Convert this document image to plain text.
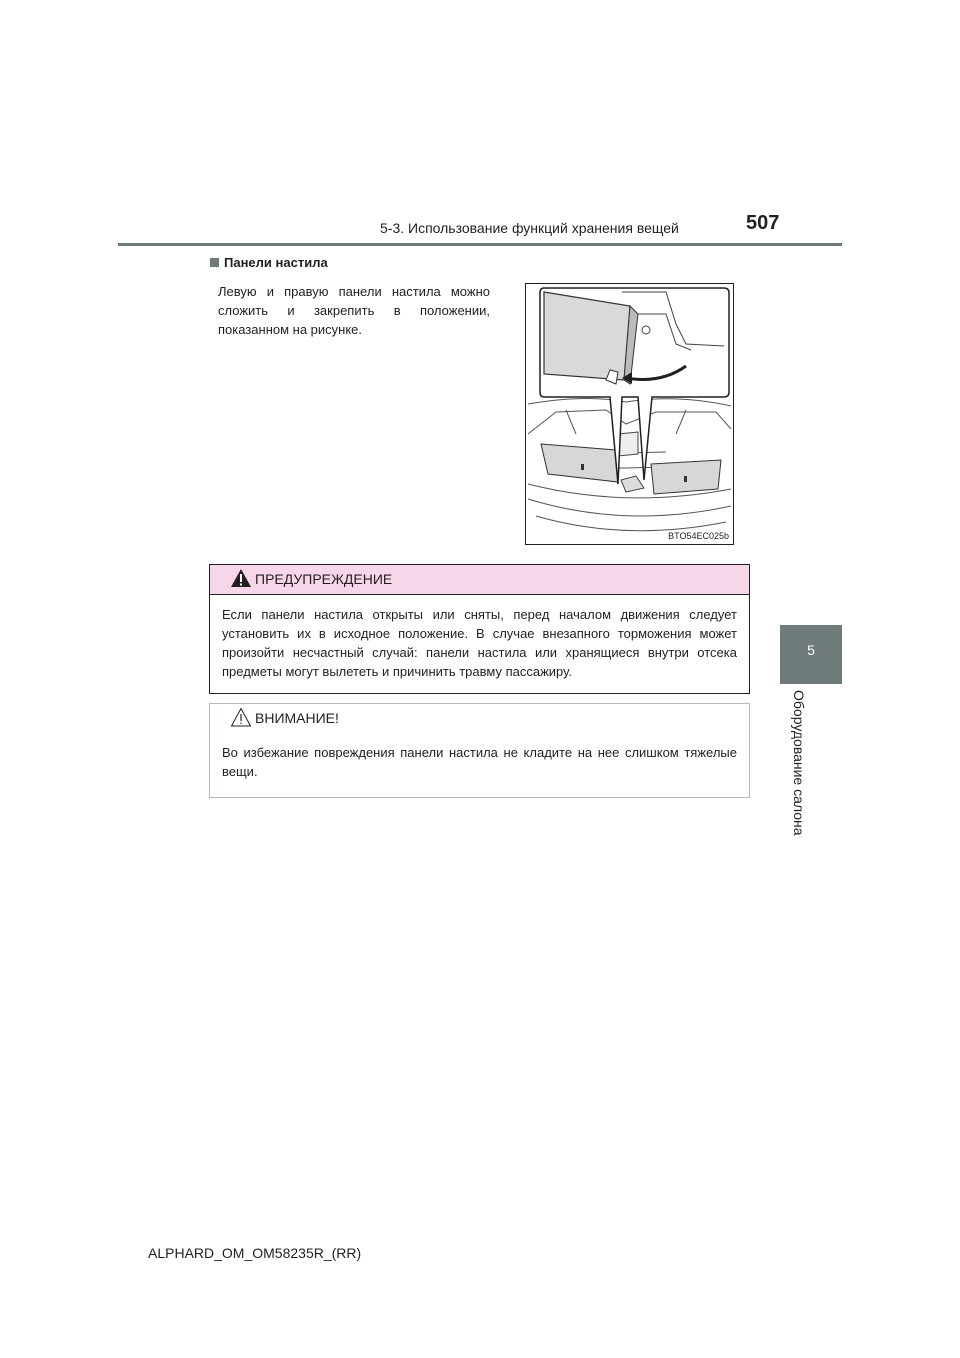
5-3. Использование функций хранения вещей	507
5
Оборудование салона
Панели настила
Левую и правую панели настила можно сложить и закрепить в положении, показанном на рисунке.
BTO54EC025b
ПРЕДУПРЕЖДЕНИЕ
Если панели настила открыты или сняты, перед началом движения следует установить их в исходное положение. В случае внезапного торможения может произойти несчастный случай: панели настила или хранящиеся внутри отсека предметы могут вылететь и причинить травму пассажиру.
ВНИМАНИЕ!
Во избежание повреждения панели настила не кладите на нее слишком тяжелые вещи.
ALPHARD_OM_OM58235R_(RR)
